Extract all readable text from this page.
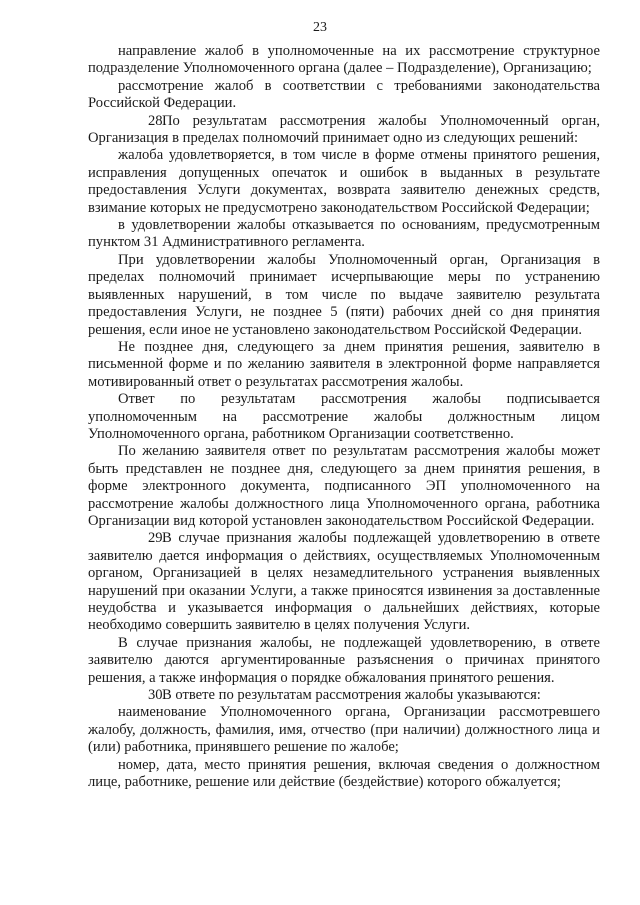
23

направление жалоб в уполномоченные на их рассмотрение структурное подразделение Уполномоченного органа (далее – Подразделение), Организацию;

рассмотрение жалоб в соответствии с требованиями законодательства Российской Федерации.

28.По результатам рассмотрения жалобы Уполномоченный орган, Организация в пределах полномочий принимает одно из следующих решений:

жалоба удовлетворяется, в том числе в форме отмены принятого решения, исправления допущенных опечаток и ошибок в выданных в результате предоставления Услуги документах, возврата заявителю денежных средств, взимание которых не предусмотрено законодательством Российской Федерации;

в удовлетворении жалобы отказывается по основаниям, предусмотренным пунктом 31 Административного регламента.

При удовлетворении жалобы Уполномоченный орган, Организация в пределах полномочий принимает исчерпывающие меры по устранению выявленных нарушений, в том числе по выдаче заявителю результата предоставления Услуги, не позднее 5 (пяти) рабочих дней со дня принятия решения, если иное не установлено законодательством Российской Федерации.

Не позднее дня, следующего за днем принятия решения, заявителю в письменной форме и по желанию заявителя в электронной форме направляется мотивированный ответ о результатах рассмотрения жалобы.

Ответ по результатам рассмотрения жалобы подписывается уполномоченным на рассмотрение жалобы должностным лицом Уполномоченного органа, работником Организации соответственно.

По желанию заявителя ответ по результатам рассмотрения жалобы может быть представлен не позднее дня, следующего за днем принятия решения, в форме электронного документа, подписанного ЭП уполномоченного на рассмотрение жалобы должностного лица Уполномоченного органа, работника Организации вид которой установлен законодательством Российской Федерации.

29.В случае признания жалобы подлежащей удовлетворению в ответе заявителю дается информация о действиях, осуществляемых Уполномоченным органом, Организацией в целях незамедлительного устранения выявленных нарушений при оказании Услуги, а также приносятся извинения за доставленные неудобства и указывается информация о дальнейших действиях, которые необходимо совершить заявителю в целях получения Услуги.

В случае признания жалобы, не подлежащей удовлетворению, в ответе заявителю даются аргументированные разъяснения о причинах принятого решения, а также информация о порядке обжалования принятого решения.

30.В ответе по результатам рассмотрения жалобы указываются:

наименование Уполномоченного органа, Организации рассмотревшего жалобу, должность, фамилия, имя, отчество (при наличии) должностного лица и (или) работника, принявшего решение по жалобе;

номер, дата, место принятия решения, включая сведения о должностном лице, работнике, решение или действие (бездействие) которого обжалуется;
